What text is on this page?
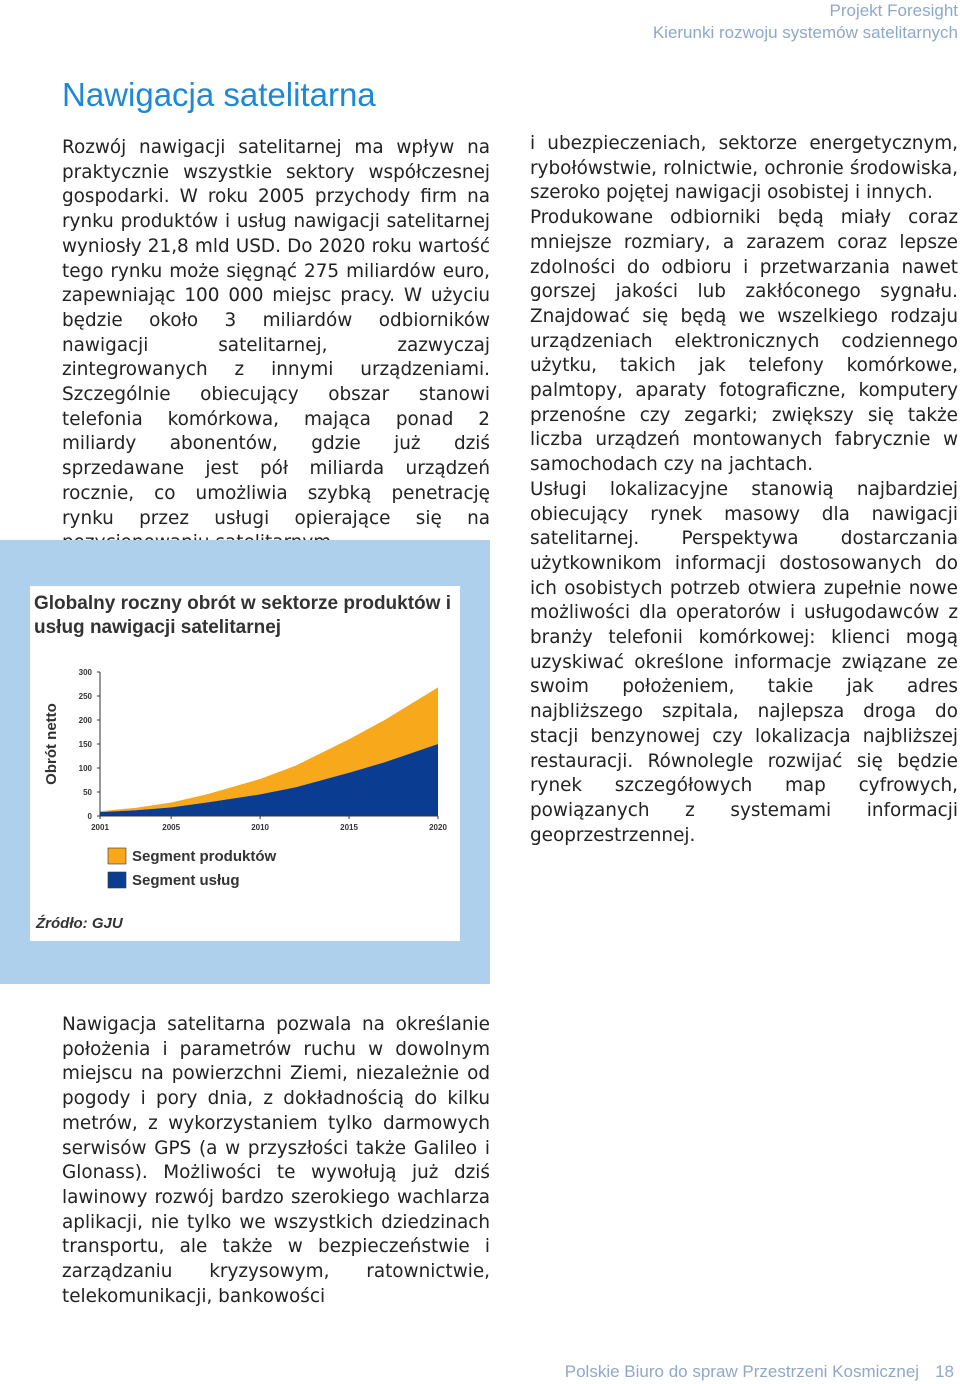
Projekt Foresight
Kierunki rozwoju systemów satelitarnych
Nawigacja satelitarna

Rozwój nawigacji satelitarnej ma wpływ na praktycznie wszystkie sektory współczesnej gospodarki. W roku 2005 przychody firm na rynku produktów i usług nawigacji satelitarnej wyniosły 21,8 mld USD. Do 2020 roku wartość tego rynku może sięgnąć 275 miliardów euro, zapewniając 100 000 miejsc pracy. W użyciu będzie około 3 miliardów odbiorników nawigacji satelitarnej, zazwyczaj zintegrowanych z innymi urządzeniami. Szczególnie obiecujący obszar stanowi telefonia komórkowa, mająca ponad 2 miliardy abonentów, gdzie już dziś sprzedawane jest pół miliarda urządzeń rocznie, co umożliwia szybką penetrację rynku przez usługi opierające się na

i ubezpieczeniach, sektorze energetycznym, rybołówstwie, rolnictwie, ochronie środowiska, szeroko pojętej nawigacji osobistej i innych.

Produkowane odbiorniki będą miały coraz mniejsze rozmiary, a zarazem coraz lepsze zdolności do odbioru i przetwarzania nawet gorszej jakości lub zakłóconego sygnału. Znajdować się będą we wszelkiego rodzaju urządzeniach elektronicznych codziennego użytku, takich jak telefony komórkowe, palmtopy, aparaty fotograficzne, komputery przenośne czy zegarki; zwiększy się także liczba urządzeń montowanych fabrycznie w samochodach czy na jachtach.

Usługi lokalizacyjne stanowią najbardziej obiecujący rynek masowy dla nawigacji satelitarnej. Perspektywa dostarczania użytkownikom informacji dostosowanych do ich osobistych potrzeb otwiera zupełnie nowe możliwości dla operatorów i usługodawców z branży telefonii komórkowej: klienci mogą uzyskiwać określone informacje związane ze swoim położeniem, takie jak adres najbliższego szpitala, najlepsza droga do stacji benzynowej czy lokalizacja najbliższej restauracji. Równolegle rozwijać się będzie rynek szczegółowych map cyfrowych, powiązanych z systemami informacji geoprzestrzennej.

300
250
200
150
100
50
0
2001	2005	2010	2015	2020
Obrót netto
Segment produktów
Segment usług
Źródło: GJU
Globalny roczny obrót w sektorze produktów i usług nawigacji satelitarnej

Nawigacja satelitarna pozwala na określanie położenia i parametrów ruchu w dowolnym miejscu na powierzchni Ziemi, niezależnie od pogody i pory dnia, z dokładnością do kilku metrów, z wykorzystaniem tylko darmowych serwisów GPS (a w przyszłości także Galileo i Glonass). Możliwości te wywołują już dziś lawinowy rozwój bardzo szerokiego wachlarza aplikacji, nie tylko we wszystkich dziedzinach transportu, ale także w bezpieczeństwie i zarządzaniu kryzysowym, ratownictwie, telekomunikacji, bankowości

Polskie Biuro do spraw Przestrzeni Kosmicznej 18
